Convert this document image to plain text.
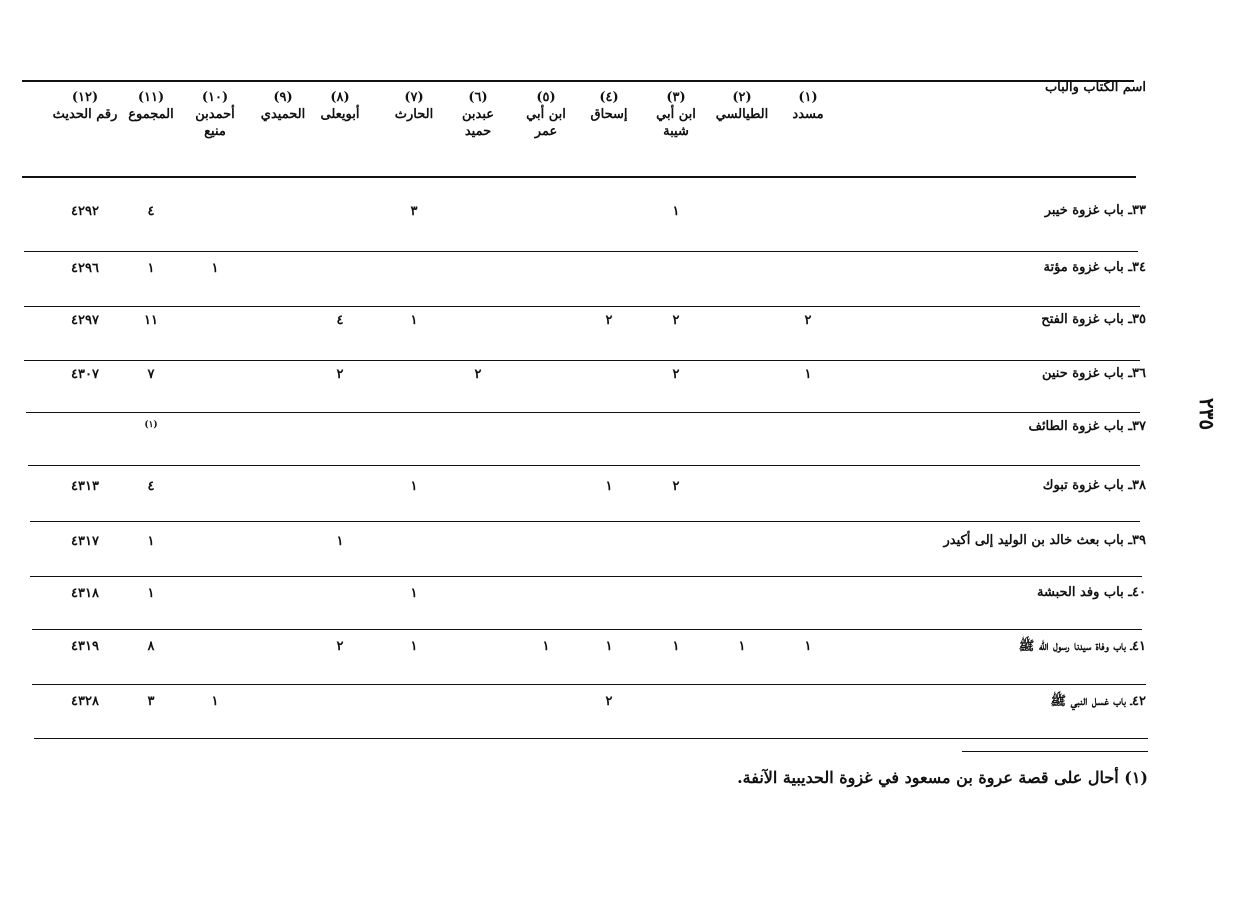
اسم الكتاب والباب
(١)
مسدد
(٢)
الطيالسي
(٣)
ابن أبي
شيبة
(٤)
إسحاق
(٥)
ابن أبي
عمر
(٦)
عبدبن
حميد
(٧)
الحارث
(٨)
أبويعلى
(٩)
الحميدي
(١٠)
أحمدبن
منيع
(١١)
المجموع
(١٢)
رقم الحديث
٣٣ـ باب غزوة خيبر
١
٣
٤
٤٢٩٢
٣٤ـ باب غزوة مؤتة
١
١
٤٢٩٦
٣٥ـ باب غزوة الفتح
٢
٢
٢
١
٤
١١
٤٢٩٧
٣٦ـ باب غزوة حنين
١
٢
٢
٢
٧
٤٣٠٧
٣٧ـ باب غزوة الطائف
(١)
٣٨ـ باب غزوة تبوك
٢
١
١
٤
٤٣١٣
٣٩ـ باب بعث خالد بن الوليد إلى أكيدر
١
١
٤٣١٧
٤٠ـ باب وفد الحبشة
١
١
٤٣١٨
٤١ـ باب وفاة سيدنا رسول الله ﷺ
١
١
١
١
١
١
٢
٨
٤٣١٩
٤٢ـ باب غسل النبي ﷺ
٢
١
٣
٤٣٢٨
٢٣٥
(١) أحال على قصة عروة بن مسعود في غزوة الحديبية الآنفة.
